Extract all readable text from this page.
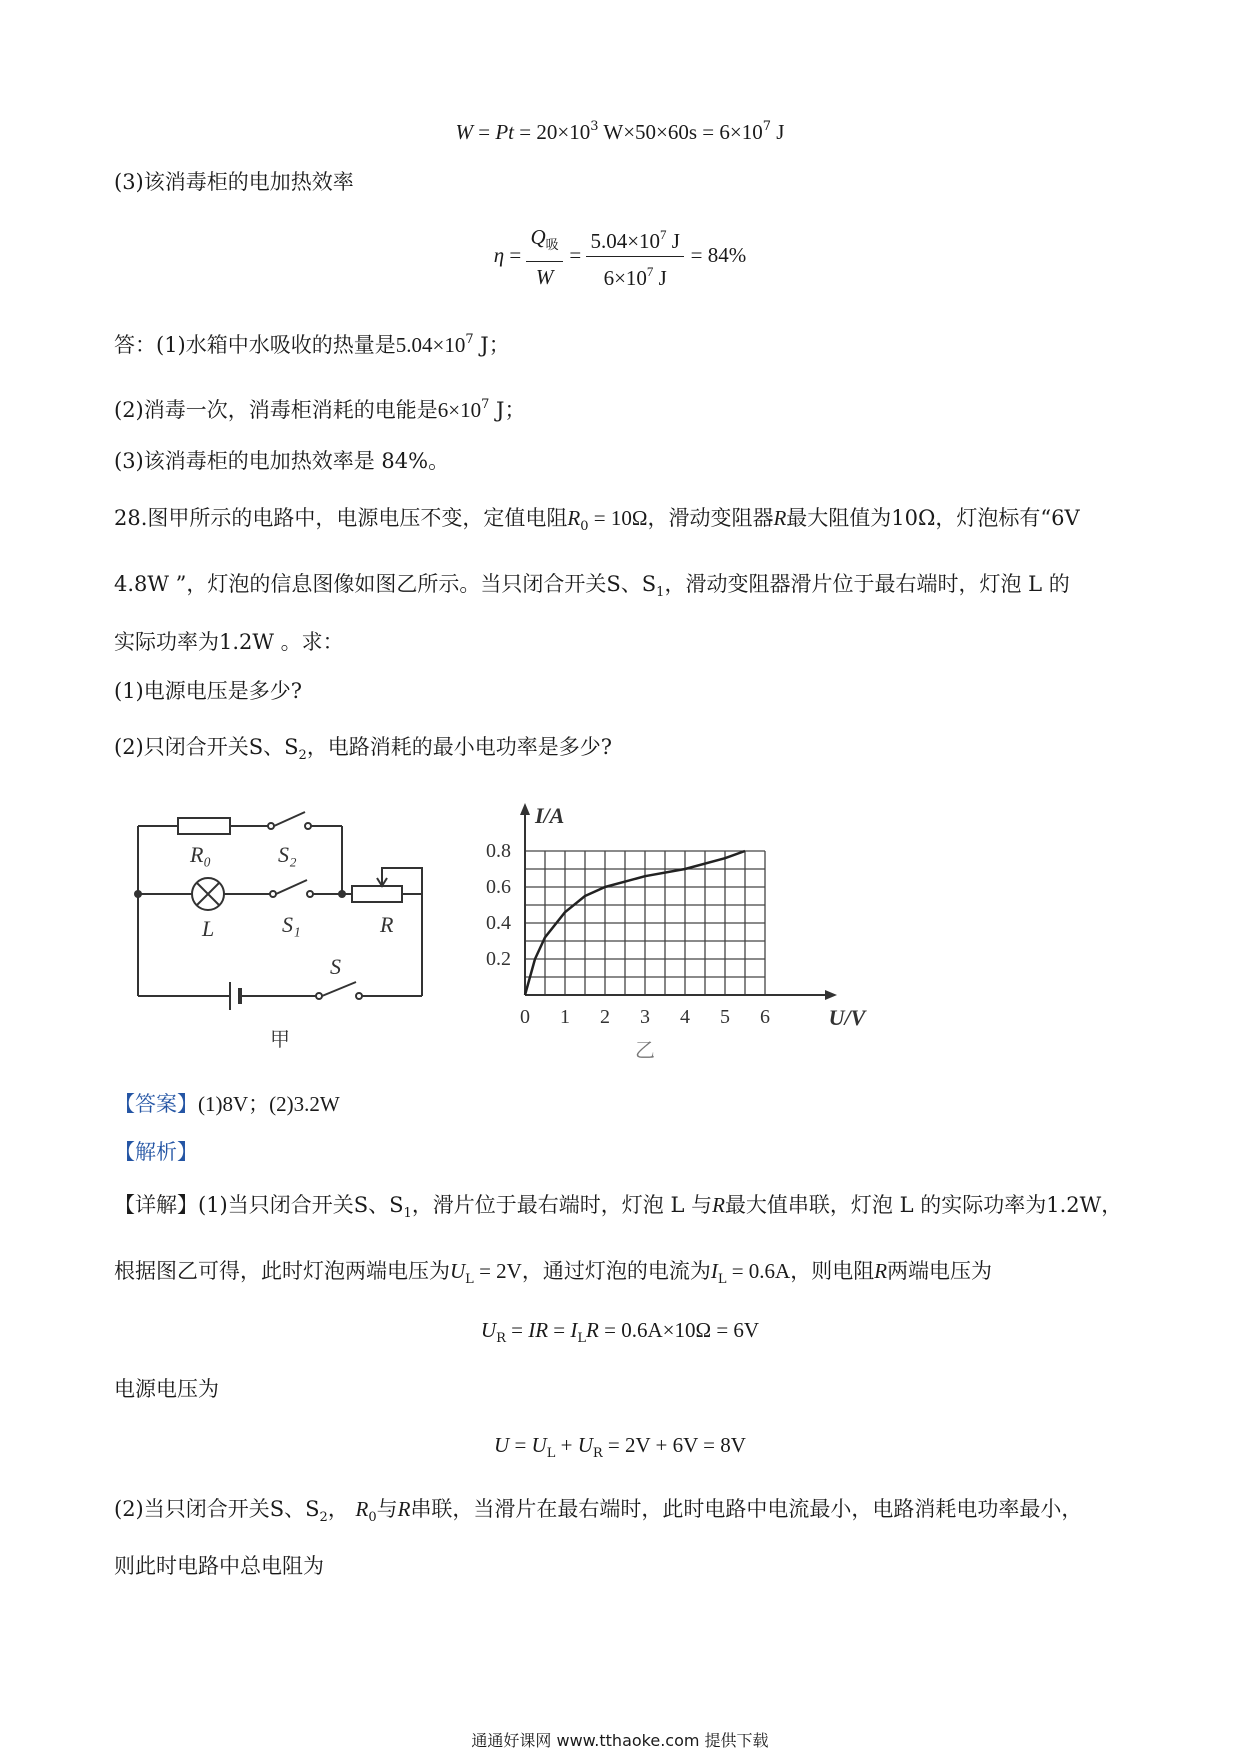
$W = Pt = 20\times 10^3$ $W\times 50\times 60s = 6\times 10^7$ J
(3)该消毒柜的电加热效率
$\eta = \frac{Q_吸}{W} = \frac{5.04\times 10^7 J}{6\times 10^7 J} = 84\%$
答：(1)水箱中水吸收的热量是$5.04\times 10^7$ J；
(2)消毒一次，消毒柜消耗的电能是$6\times 10^7$ J；
(3)该消毒柜的电加热效率是 84%。
28.图甲所示的电路中，电源电压不变，定值电阻$R_0 = 10\Omega$，滑动变阻器R最大阻值为10Ω，灯泡标有“6V
4.8W ”，灯泡的信息图像如图乙所示。当只闭合开关S、$S_1$，滑动变阻器滑片位于最右端时，灯泡 L 的
实际功率为1.2W 。求：
(1)电源电压是多少?
(2)只闭合开关S、$S_2$，电路消耗的最小电功率是多少?
R₀	S₂
L	S₁	R
S
甲
0 1 2 3 4 5 6
0.2
0.4
0.6
0.8
U/V
I/A
乙
【答案】(1)8V；(2)3.2W
【解析】
【详解】(1)当只闭合开关S、$S_1$，滑片位于最右端时，灯泡 L 与R最大值串联，灯泡 L 的实际功率为1.2W，
根据图乙可得，此时灯泡两端电压为$U_L = 2V$，通过灯泡的电流为$I_L = 0.6A$，则电阻R两端电压为
$U_R$ = IR = $I_LR = 0.6A\times 10\Omega = 6V$
电源电压为
$U = U_L + U_R = 2V + 6V = 8V$
(2)当只闭合开关S、$S_2$， $R_0$与R串联，当滑片在最右端时，此时电路中电流最小，电路消耗电功率最小，
则此时电路中总电阻为
通通好课网 www.tthaoke.com 提供下载
